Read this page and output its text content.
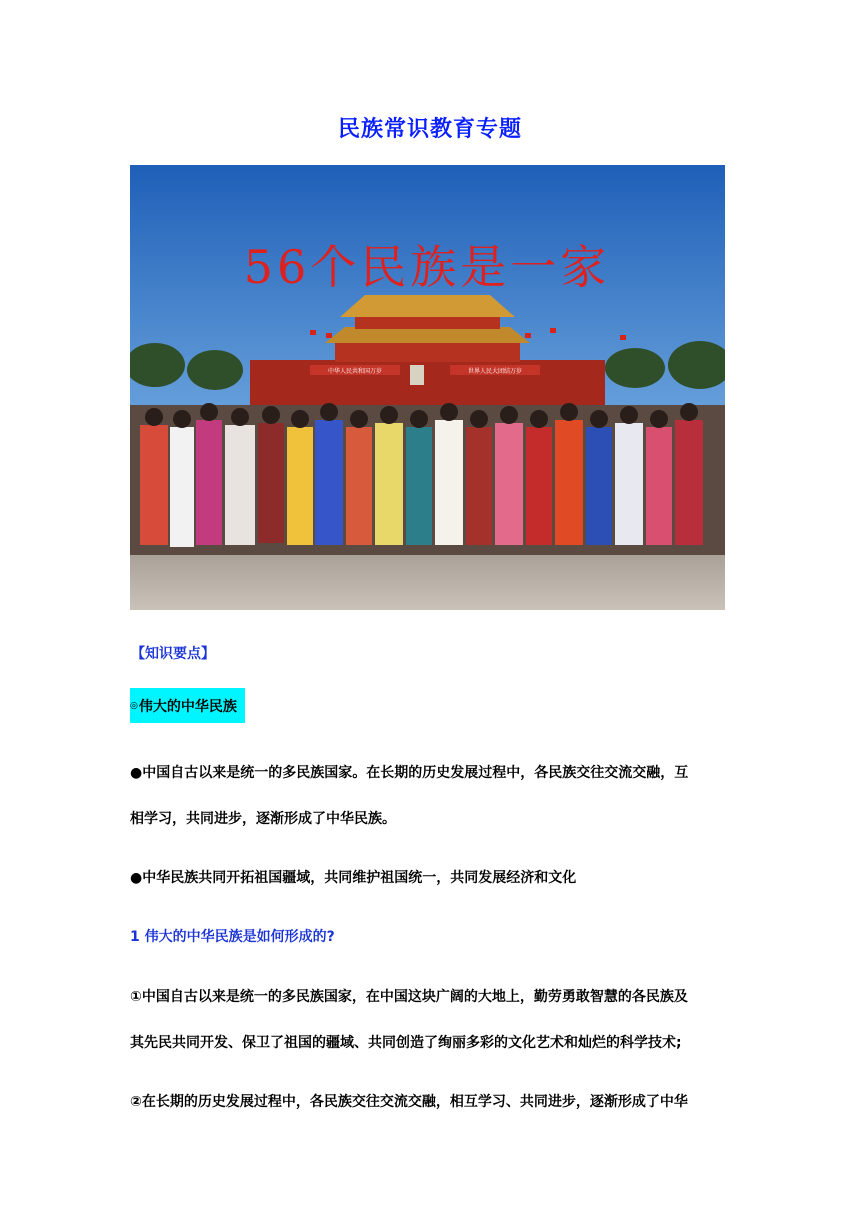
民族常识教育专题
中华人民共和国万岁	世界人民大团结万岁
56个民族是一家
【知识要点】
◎ 伟大的中华民族
●中国自古以来是统一的多民族国家。在长期的历史发展过程中，各民族交往交流交融，互
相学习，共同进步，逐渐形成了中华民族。
●中华民族共同开拓祖国疆域，共同维护祖国统一，共同发展经济和文化
1 伟大的中华民族是如何形成的?
①中国自古以来是统一的多民族国家，在中国这块广阔的大地上，勤劳勇敢智慧的各民族及
其先民共同开发、保卫了祖国的疆域、共同创造了绚丽多彩的文化艺术和灿烂的科学技术;
②在长期的历史发展过程中，各民族交往交流交融，相互学习、共同进步，逐渐形成了中华
